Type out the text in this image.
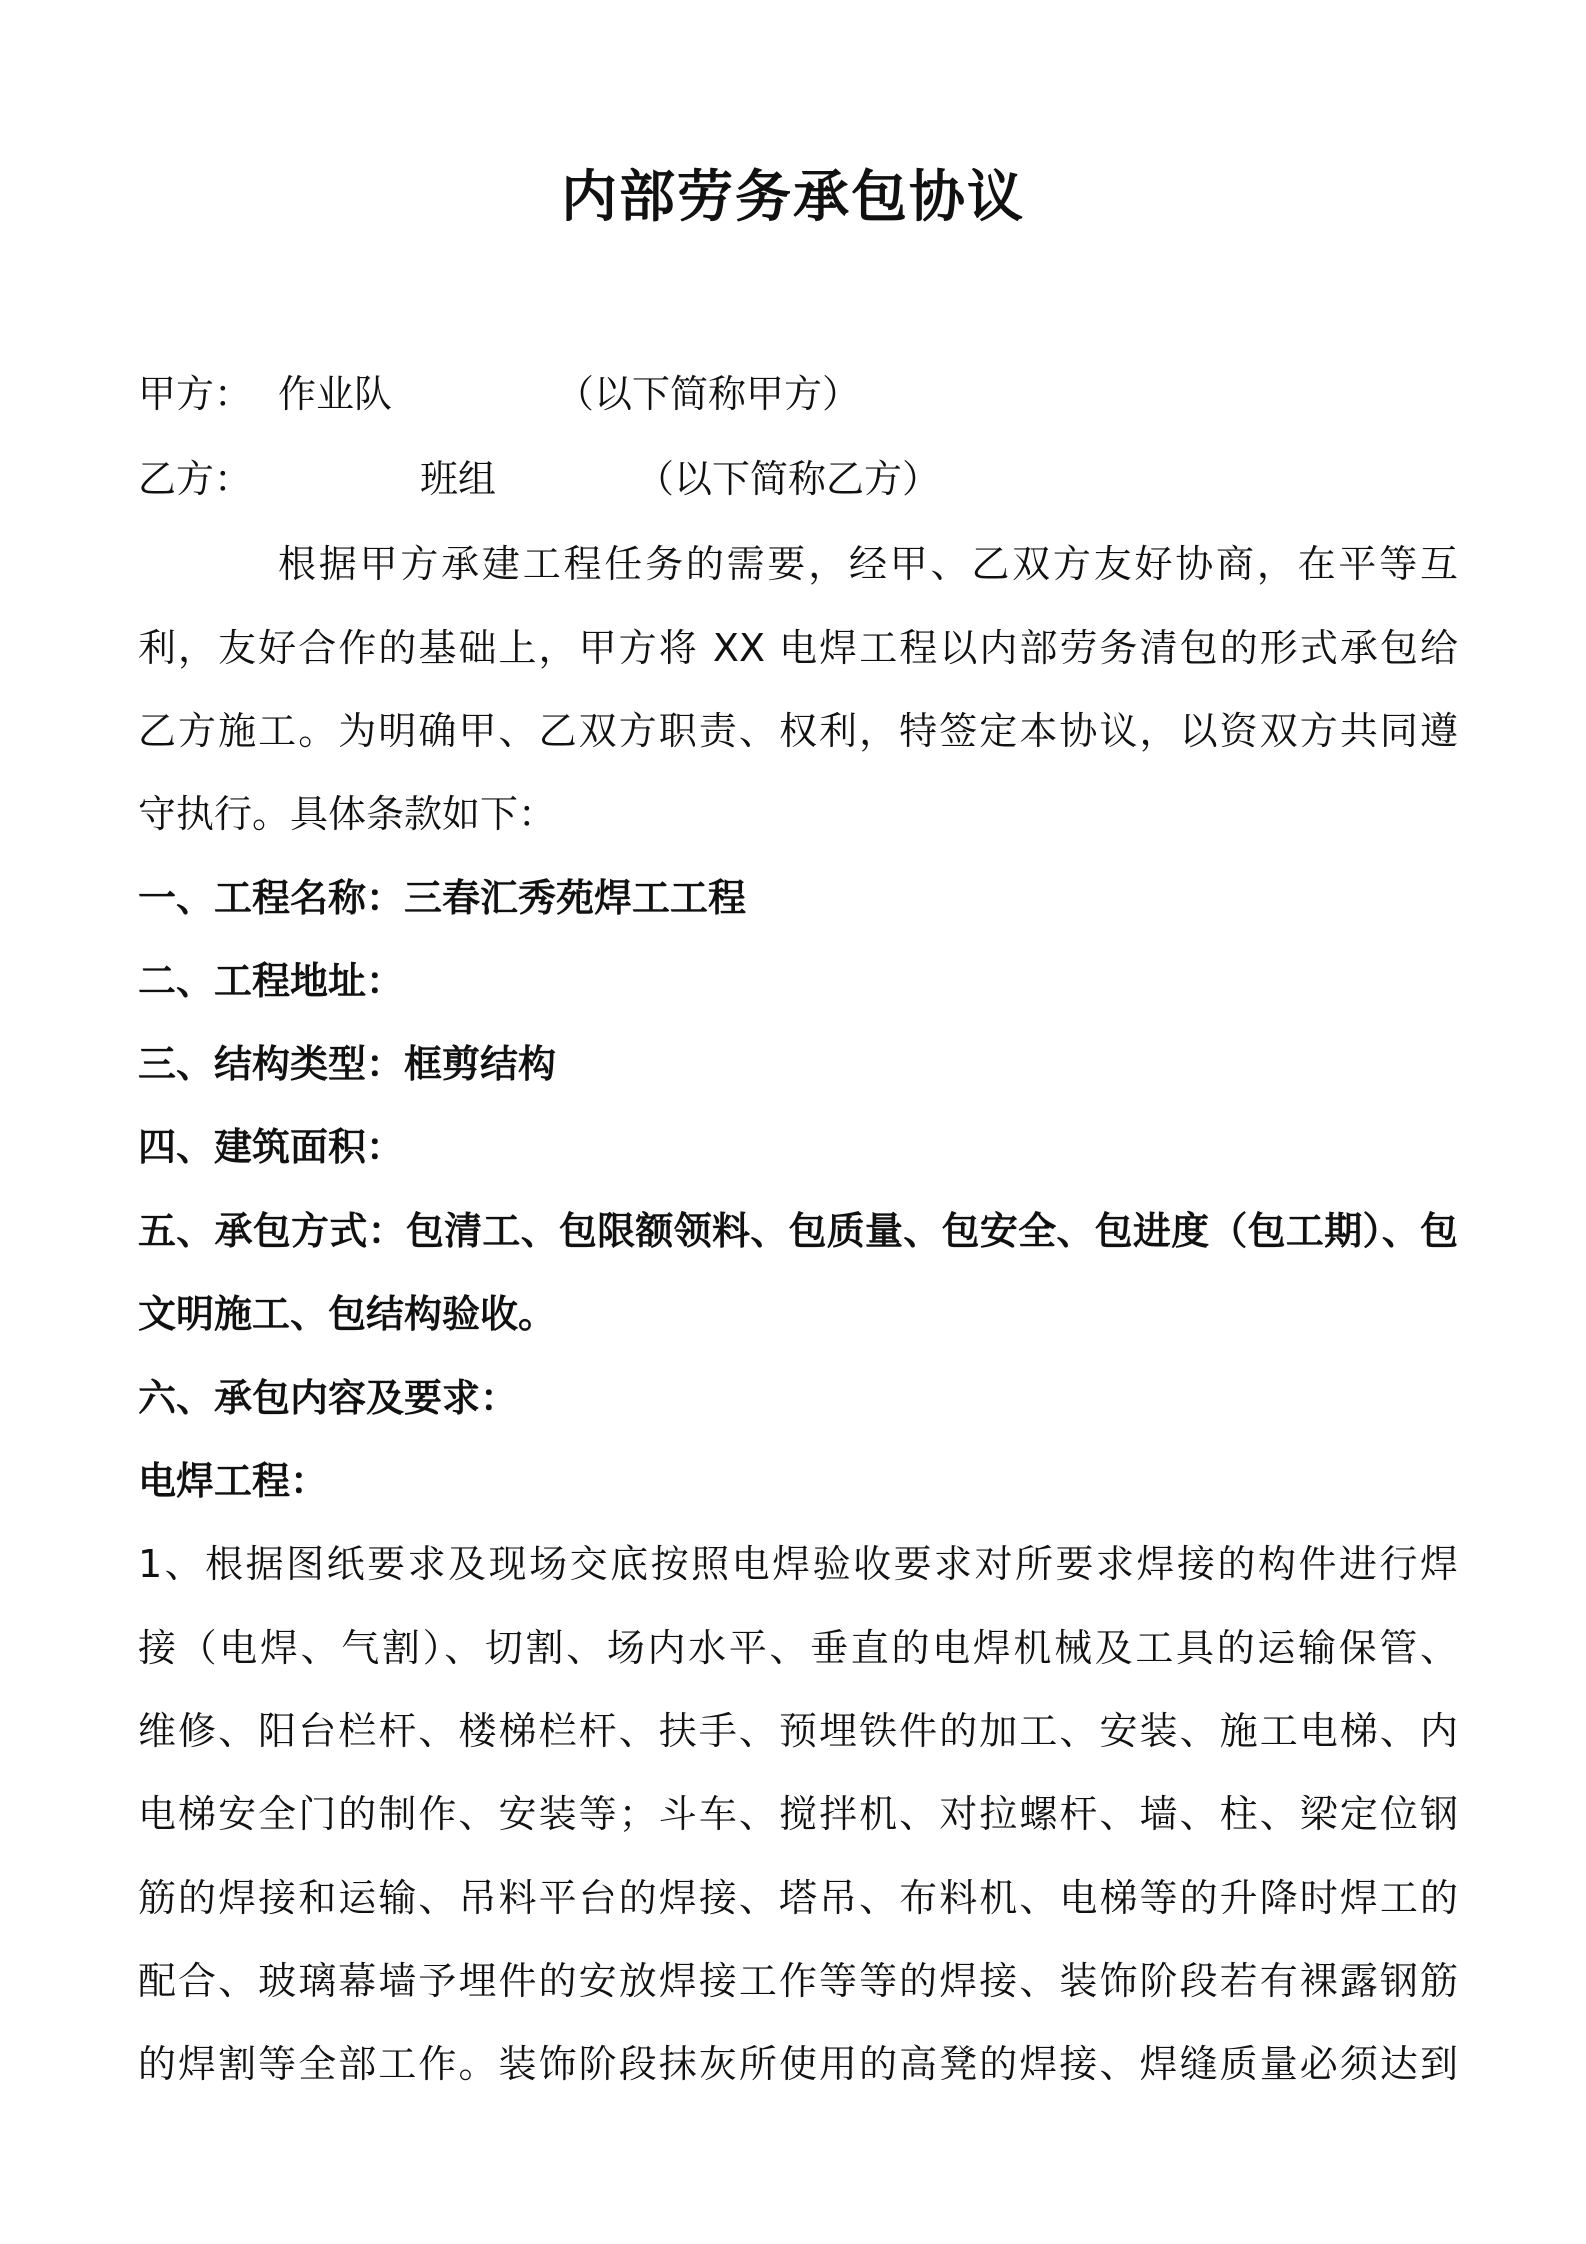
内部劳务承包协议
甲方： 作业队	（以下简称甲方）
乙方：	班组	（以下简称乙方）
根据甲方承建工程任务的需要，经甲、乙双方友好协商，在平等互
利，友好合作的基础上，甲方将 XX 电焊工程以内部劳务清包的形式承包给
乙方施工。为明确甲、乙双方职责、权利，特签定本协议，以资双方共同遵
守执行。具体条款如下：
一、工程名称：三春汇秀苑焊工工程
二、工程地址：
三、结构类型：框剪结构
四、建筑面积：
五、承包方式：包清工、包限额领料、包质量、包安全、包进度（包工期）、包
文明施工、包结构验收。
六、承包内容及要求：
电焊工程：
1、根据图纸要求及现场交底按照电焊验收要求对所要求焊接的构件进行焊
接（电焊、气割）、切割、场内水平、垂直的电焊机械及工具的运输保管、
维修、阳台栏杆、楼梯栏杆、扶手、预埋铁件的加工、安装、施工电梯、内
电梯安全门的制作、安装等；斗车、搅拌机、对拉螺杆、墙、柱、梁定位钢
筋的焊接和运输、吊料平台的焊接、塔吊、布料机、电梯等的升降时焊工的
配合、玻璃幕墙予埋件的安放焊接工作等等的焊接、装饰阶段若有裸露钢筋
的焊割等全部工作。装饰阶段抹灰所使用的高凳的焊接、焊缝质量必须达到
